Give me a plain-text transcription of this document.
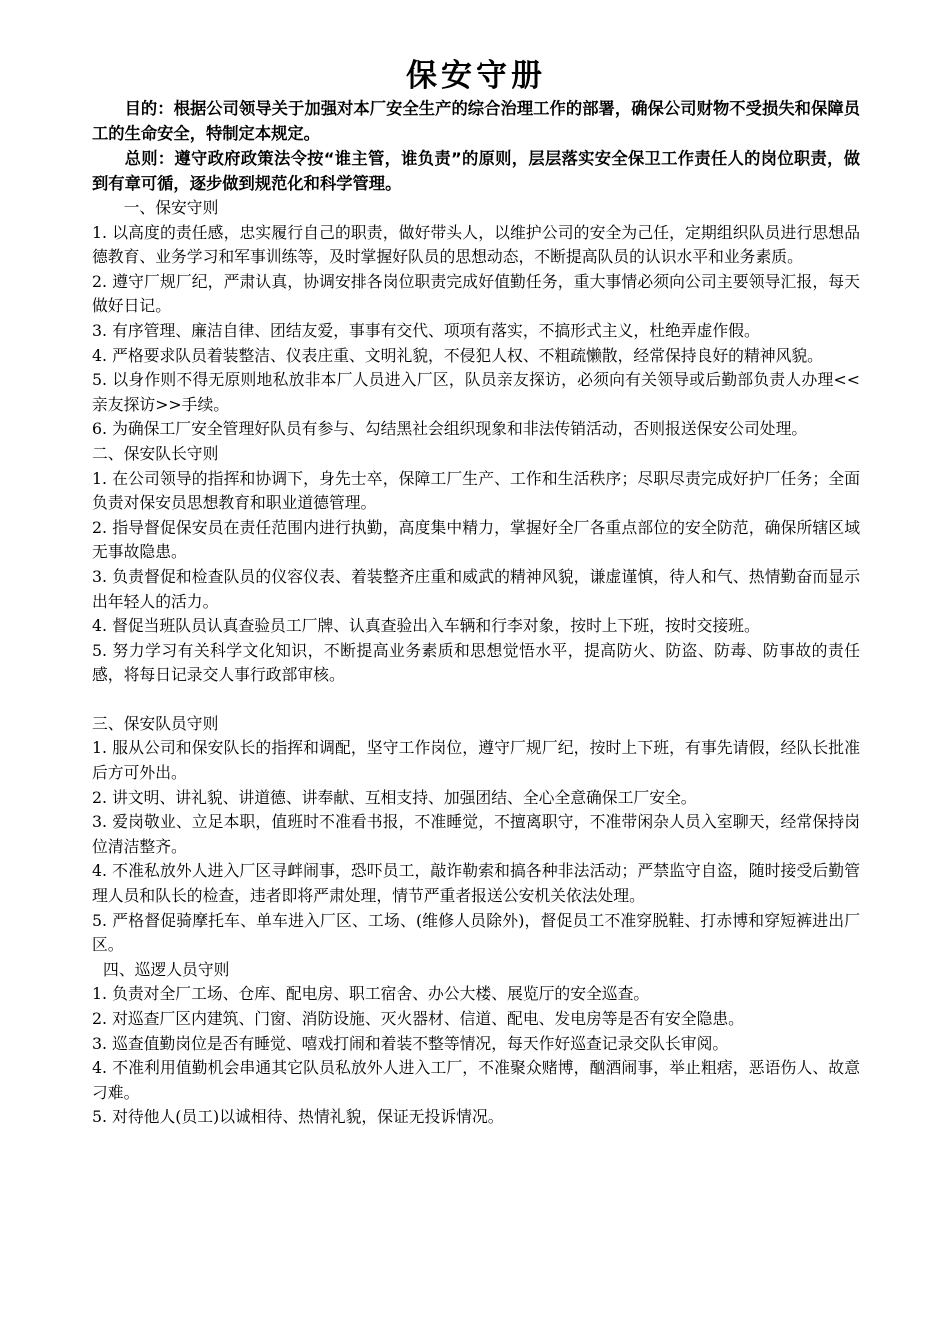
保安守册

目的：根据公司领导关于加强对本厂安全生产的综合治理工作的部署，确保公司财物不受损失和保障员工的生命安全，特制定本规定。

总则：遵守政府政策法令按“谁主管，谁负责”的原则，层层落实安全保卫工作责任人的岗位职责，做到有章可循，逐步做到规范化和科学管理。

一、保安守则

1. 以高度的责任感，忠实履行自己的职责，做好带头人，以维护公司的安全为己任，定期组织队员进行思想品德教育、业务学习和军事训练等，及时掌握好队员的思想动态，不断提高队员的认识水平和业务素质。

2. 遵守厂规厂纪，严肃认真，协调安排各岗位职责完成好值勤任务，重大事情必须向公司主要领导汇报，每天做好日记。

3. 有序管理、廉洁自律、团结友爱，事事有交代、项项有落实，不搞形式主义，杜绝弄虚作假。

4. 严格要求队员着装整洁、仪表庄重、文明礼貌，不侵犯人权、不粗疏懒散，经常保持良好的精神风貌。

5. 以身作则不得无原则地私放非本厂人员进入厂区，队员亲友探访，必须向有关领导或后勤部负责人办理<<亲友探访>>手续。

6. 为确保工厂安全管理好队员有参与、勾结黑社会组织现象和非法传销活动，否则报送保安公司处理。

二、保安队长守则

1. 在公司领导的指挥和协调下，身先士卒，保障工厂生产、工作和生活秩序；尽职尽责完成好护厂任务；全面负责对保安员思想教育和职业道德管理。

2. 指导督促保安员在责任范围内进行执勤，高度集中精力，掌握好全厂各重点部位的安全防范，确保所辖区域无事故隐患。

3. 负责督促和检查队员的仪容仪表、着装整齐庄重和威武的精神风貌，谦虚谨慎，待人和气、热情勤奋而显示出年轻人的活力。

4. 督促当班队员认真查验员工厂牌、认真查验出入车辆和行李对象，按时上下班，按时交接班。

5. 努力学习有关科学文化知识，不断提高业务素质和思想觉悟水平，提高防火、防盗、防毒、防事故的责任感，将每日记录交人事行政部审核。

三、保安队员守则

1. 服从公司和保安队长的指挥和调配，坚守工作岗位，遵守厂规厂纪，按时上下班，有事先请假，经队长批准后方可外出。

2. 讲文明、讲礼貌、讲道德、讲奉献、互相支持、加强团结、全心全意确保工厂安全。

3. 爱岗敬业、立足本职，值班时不准看书报，不准睡觉，不擅离职守，不准带闲杂人员入室聊天，经常保持岗位清洁整齐。

4. 不准私放外人进入厂区寻衅闹事，恐吓员工，敲诈勒索和搞各种非法活动；严禁监守自盗，随时接受后勤管理人员和队长的检查，违者即将严肃处理，情节严重者报送公安机关依法处理。

5. 严格督促骑摩托车、单车进入厂区、工场、(维修人员除外)，督促员工不准穿脱鞋、打赤博和穿短裤进出厂区。

四、巡逻人员守则

1. 负责对全厂工场、仓库、配电房、职工宿舍、办公大楼、展览厅的安全巡查。

2. 对巡查厂区内建筑、门窗、消防设施、灭火器材、信道、配电、发电房等是否有安全隐患。

3. 巡查值勤岗位是否有睡觉、嘻戏打闹和着装不整等情况，每天作好巡查记录交队长审阅。

4. 不准利用值勤机会串通其它队员私放外人进入工厂，不准聚众赌博，酗酒闹事，举止粗痞，恶语伤人、故意刁难。

5. 对待他人(员工)以诚相待、热情礼貌，保证无投诉情况。
